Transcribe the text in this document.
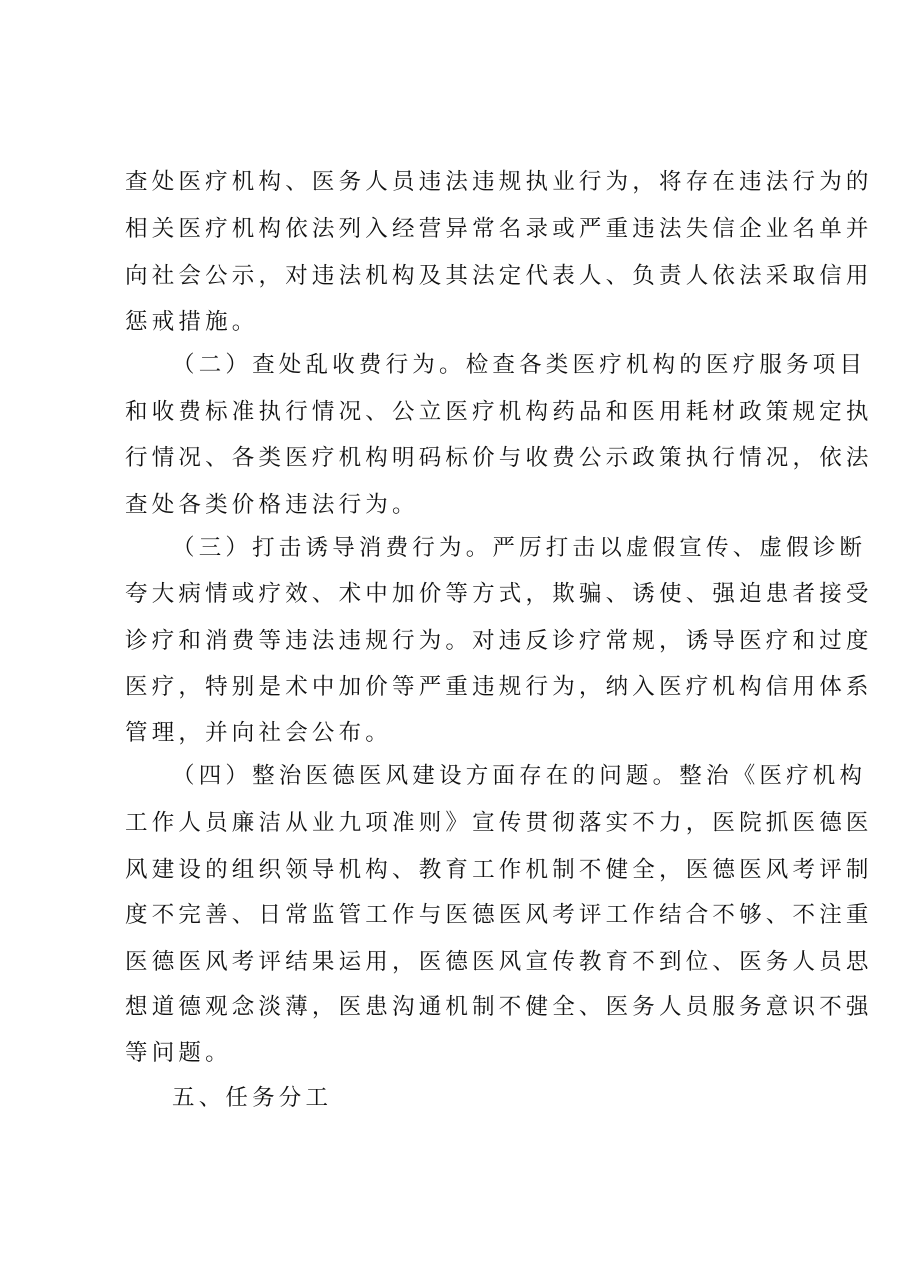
查处医疗机构、医务人员违法违规执业行为，将存在违法行为的
相关医疗机构依法列入经营异常名录或严重违法失信企业名单并
向社会公示，对违法机构及其法定代表人、负责人依法采取信用
惩戒措施。
（二）查处乱收费行为。检查各类医疗机构的医疗服务项目
和收费标准执行情况、公立医疗机构药品和医用耗材政策规定执
行情况、各类医疗机构明码标价与收费公示政策执行情况，依法
查处各类价格违法行为。
（三）打击诱导消费行为。严厉打击以虚假宣传、虚假诊断
夸大病情或疗效、术中加价等方式，欺骗、诱使、强迫患者接受
诊疗和消费等违法违规行为。对违反诊疗常规，诱导医疗和过度
医疗，特别是术中加价等严重违规行为，纳入医疗机构信用体系
管理，并向社会公布。
（四）整治医德医风建设方面存在的问题。整治《医疗机构
工作人员廉洁从业九项准则》宣传贯彻落实不力，医院抓医德医
风建设的组织领导机构、教育工作机制不健全，医德医风考评制
度不完善、日常监管工作与医德医风考评工作结合不够、不注重
医德医风考评结果运用，医德医风宣传教育不到位、医务人员思
想道德观念淡薄，医患沟通机制不健全、医务人员服务意识不强
等问题。
五、任务分工
